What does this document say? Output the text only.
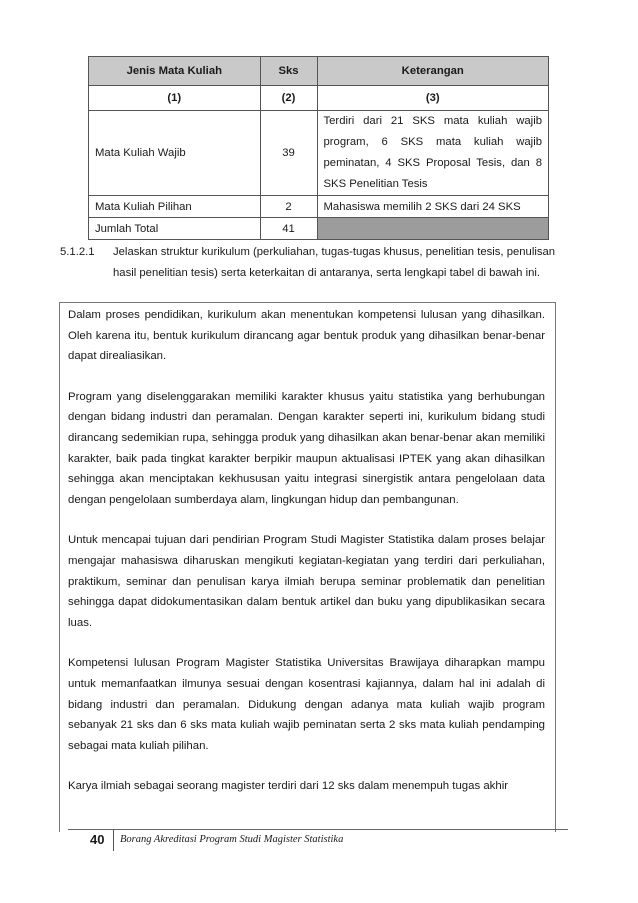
Jenis Mata Kuliah	Sks	Keterangan
(1)	(2)	(3)
Mata Kuliah Wajib	39	Terdiri dari 21 SKS mata kuliah wajib program, 6 SKS mata kuliah wajib peminatan, 4 SKS Proposal Tesis, dan 8 SKS Penelitian Tesis
Mata Kuliah Pilihan	2	Mahasiswa memilih 2 SKS dari 24 SKS
Jumlah Total	41	
5.1.2.1 Jelaskan struktur kurikulum (perkuliahan, tugas-tugas khusus, penelitian tesis, penulisan hasil penelitian tesis) serta keterkaitan di antaranya, serta lengkapi tabel di bawah ini.

Dalam proses pendidikan, kurikulum akan menentukan kompetensi lulusan yang dihasilkan. Oleh karena itu, bentuk kurikulum dirancang agar bentuk produk yang dihasilkan benar-benar dapat direaliasikan.

Program yang diselenggarakan memiliki karakter khusus yaitu statistika yang berhubungan dengan bidang industri dan peramalan. Dengan karakter seperti ini, kurikulum bidang studi dirancang sedemikian rupa, sehingga produk yang dihasilkan akan benar-benar akan memiliki karakter, baik pada tingkat karakter berpikir maupun aktualisasi IPTEK yang akan dihasilkan sehingga akan menciptakan kekhususan yaitu integrasi sinergistik antara pengelolaan data dengan pengelolaan sumberdaya alam, lingkungan hidup dan pembangunan.

Untuk mencapai tujuan dari pendirian Program Studi Magister Statistika dalam proses belajar mengajar mahasiswa diharuskan mengikuti kegiatan-kegiatan yang terdiri dari perkuliahan, praktikum, seminar dan penulisan karya ilmiah berupa seminar problematik dan penelitian sehingga dapat didokumentasikan dalam bentuk artikel dan buku yang dipublikasikan secara luas.

Kompetensi lulusan Program Magister Statistika Universitas Brawijaya diharapkan mampu untuk memanfaatkan ilmunya sesuai dengan kosentrasi kajiannya, dalam hal ini adalah di bidang industri dan peramalan. Didukung dengan adanya mata kuliah wajib program sebanyak 21 sks dan 6 sks mata kuliah wajib peminatan serta 2 sks mata kuliah pendamping sebagai mata kuliah pilihan.

Karya ilmiah sebagai seorang magister terdiri dari 12 sks dalam menempuh tugas akhir

40 Borang Akreditasi Program Studi Magister Statistika
